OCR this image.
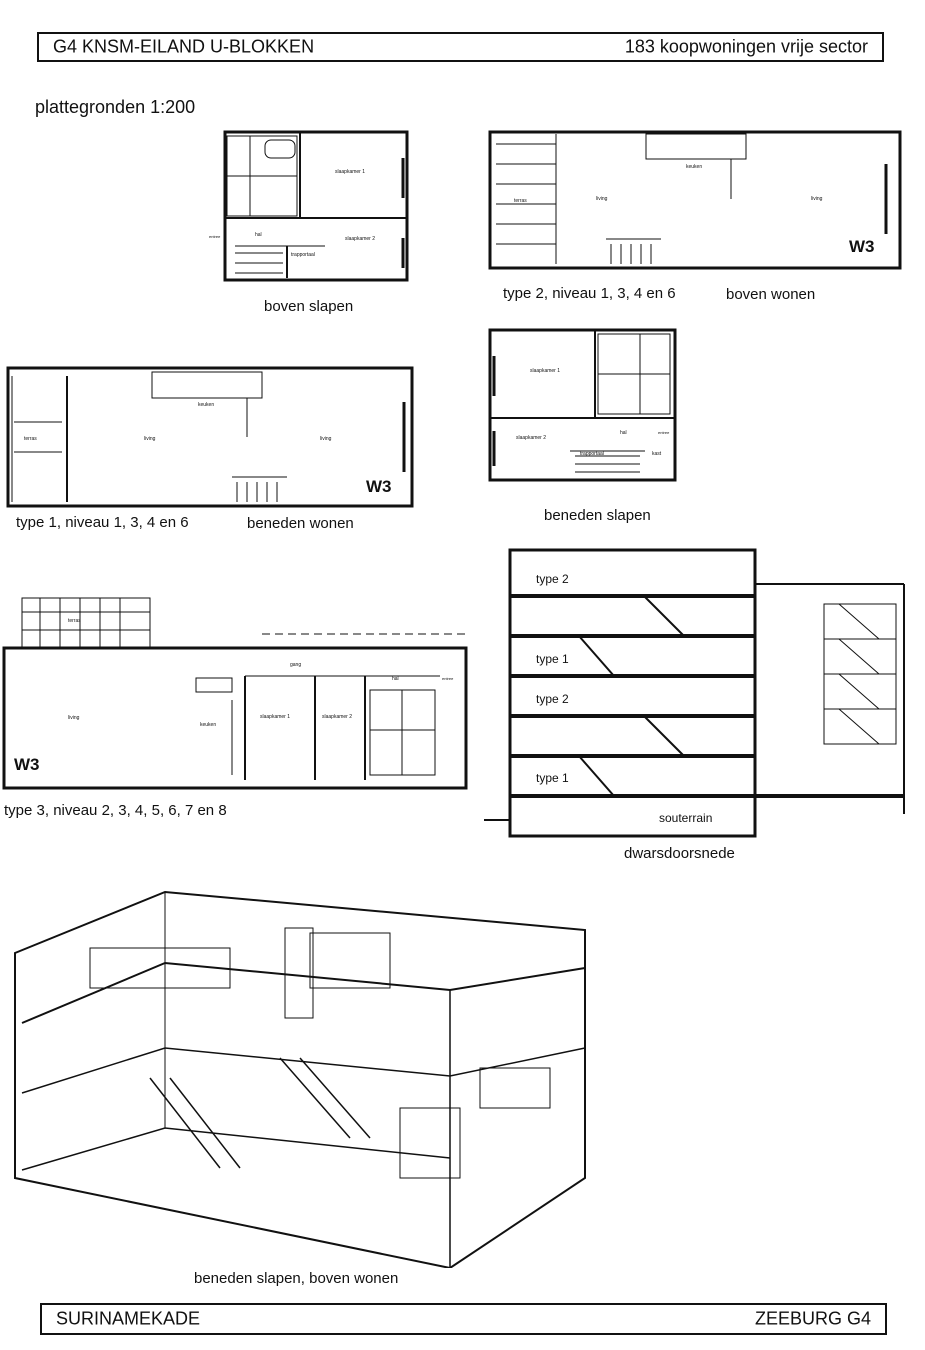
G4 KNSM-EILAND U-BLOKKEN	183 koopwoningen vrije sector
plattegronden 1:200
slaapkamer 1
slaapkamer 2
hal
entree
trapportaal
boven slapen
terras
keuken
living	living
W3
type 2, niveau 1, 3, 4 en 6	boven wonen
slaapkamer 1
slaapkamer 2
hal	entree
trapportaal	kast
beneden slapen
terras
keuken
living	living
W3
type 1, niveau 1, 3, 4 en 6	beneden wonen
terras
living
keuken
slaapkamer 1	slaapkamer 2
gang
hal	entree
W3
type 3, niveau 2, 3, 4, 5, 6, 7 en 8
type 2
type 1
type 2
type 1
souterrain
dwarsdoorsnede
beneden slapen, boven wonen
SURINAMEKADE	ZEEBURG G4
